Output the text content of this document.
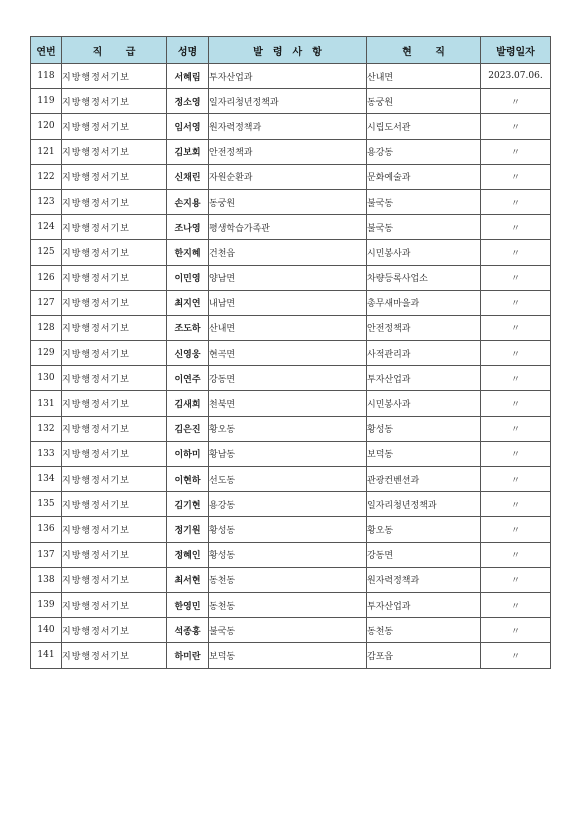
연번	직 급	성명	발령사항	현 직	발령일자
118	지방행정서기보	서혜림	투자산업과	산내면	2023.07.06.
119	지방행정서기보	정소영	일자리청년정책과	동궁원	〃
120	지방행정서기보	임서영	원자력정책과	시립도서관	〃
121	지방행정서기보	김보회	안전정책과	용강동	〃
122	지방행정서기보	신채린	자원순환과	문화예술과	〃
123	지방행정서기보	손지용	동궁원	불국동	〃
124	지방행정서기보	조나영	평생학습가족관	불국동	〃
125	지방행정서기보	한지혜	건천읍	시민봉사과	〃
126	지방행정서기보	이민영	양남면	차량등록사업소	〃
127	지방행정서기보	최지연	내남면	총무새마을과	〃
128	지방행정서기보	조도하	산내면	안전정책과	〃
129	지방행정서기보	신영웅	현곡면	사적관리과	〃
130	지방행정서기보	이연주	강동면	투자산업과	〃
131	지방행정서기보	김새희	천북면	시민봉사과	〃
132	지방행정서기보	김은진	황오동	황성동	〃
133	지방행정서기보	이하미	황남동	보덕동	〃
134	지방행정서기보	이현하	선도동	관광컨벤션과	〃
135	지방행정서기보	김기현	용강동	일자리청년정책과	〃
136	지방행정서기보	정기원	황성동	황오동	〃
137	지방행정서기보	정혜인	황성동	강동면	〃
138	지방행정서기보	최서현	동천동	원자력정책과	〃
139	지방행정서기보	한영민	동천동	투자산업과	〃
140	지방행정서기보	석종홍	불국동	동천동	〃
141	지방행정서기보	하미란	보덕동	감포읍	〃
